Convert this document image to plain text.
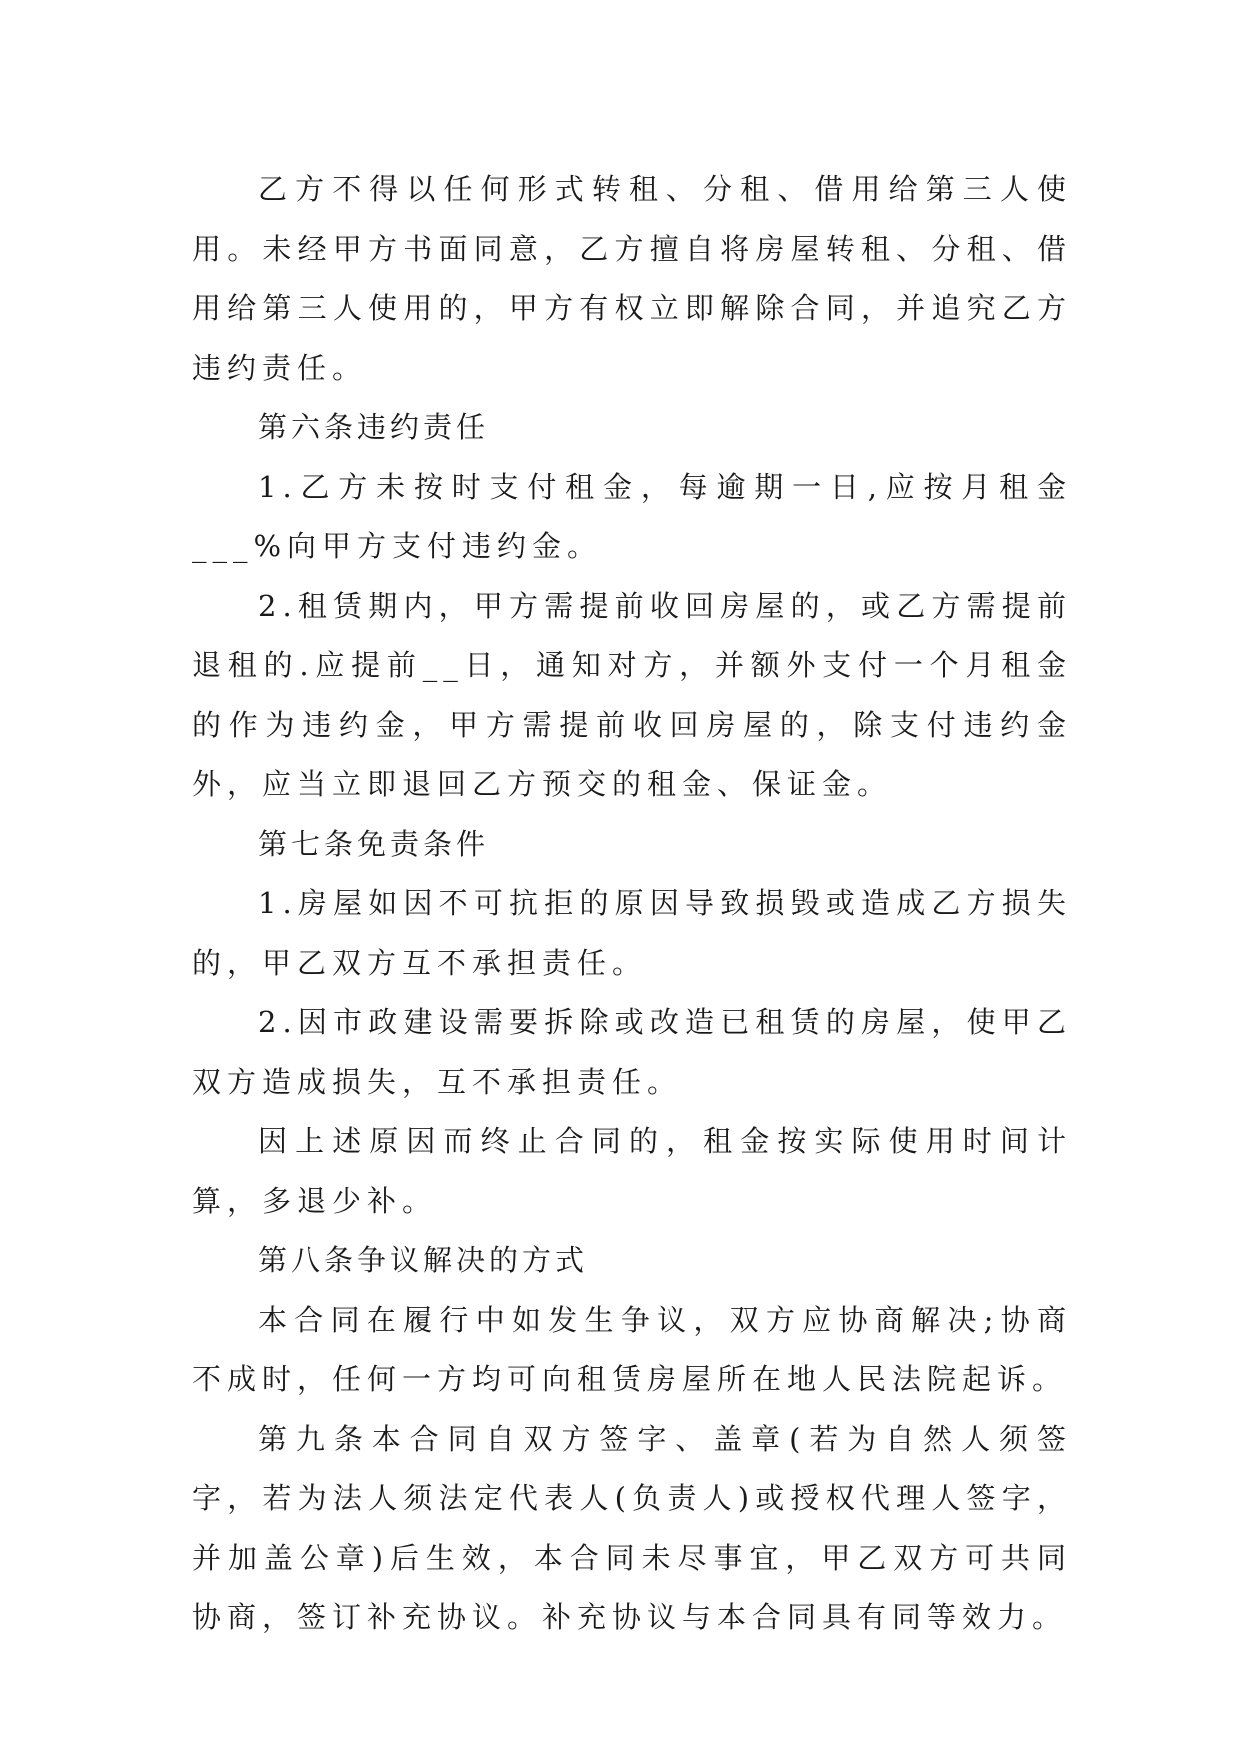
乙方不得以任何形式转租、分租、借用给第三人使用。未经甲方书面同意，乙方擅自将房屋转租、分租、借用给第三人使用的，甲方有权立即解除合同，并追究乙方违约责任。

第六条违约责任

1.乙方未按时支付租金，每逾期一日,应按月租金___%向甲方支付违约金。

2.租赁期内，甲方需提前收回房屋的，或乙方需提前退租的.应提前__日，通知对方，并额外支付一个月租金的作为违约金，甲方需提前收回房屋的，除支付违约金外，应当立即退回乙方预交的租金、保证金。

第七条免责条件

1.房屋如因不可抗拒的原因导致损毁或造成乙方损失的，甲乙双方互不承担责任。

2.因市政建设需要拆除或改造已租赁的房屋，使甲乙双方造成损失，互不承担责任。

因上述原因而终止合同的，租金按实际使用时间计算，多退少补。

第八条争议解决的方式

本合同在履行中如发生争议，双方应协商解决;协商不成时，任何一方均可向租赁房屋所在地人民法院起诉。

第九条本合同自双方签字、盖章(若为自然人须签字，若为法人须法定代表人(负责人)或授权代理人签字，并加盖公章)后生效，本合同未尽事宜，甲乙双方可共同协商，签订补充协议。补充协议与本合同具有同等效力。
